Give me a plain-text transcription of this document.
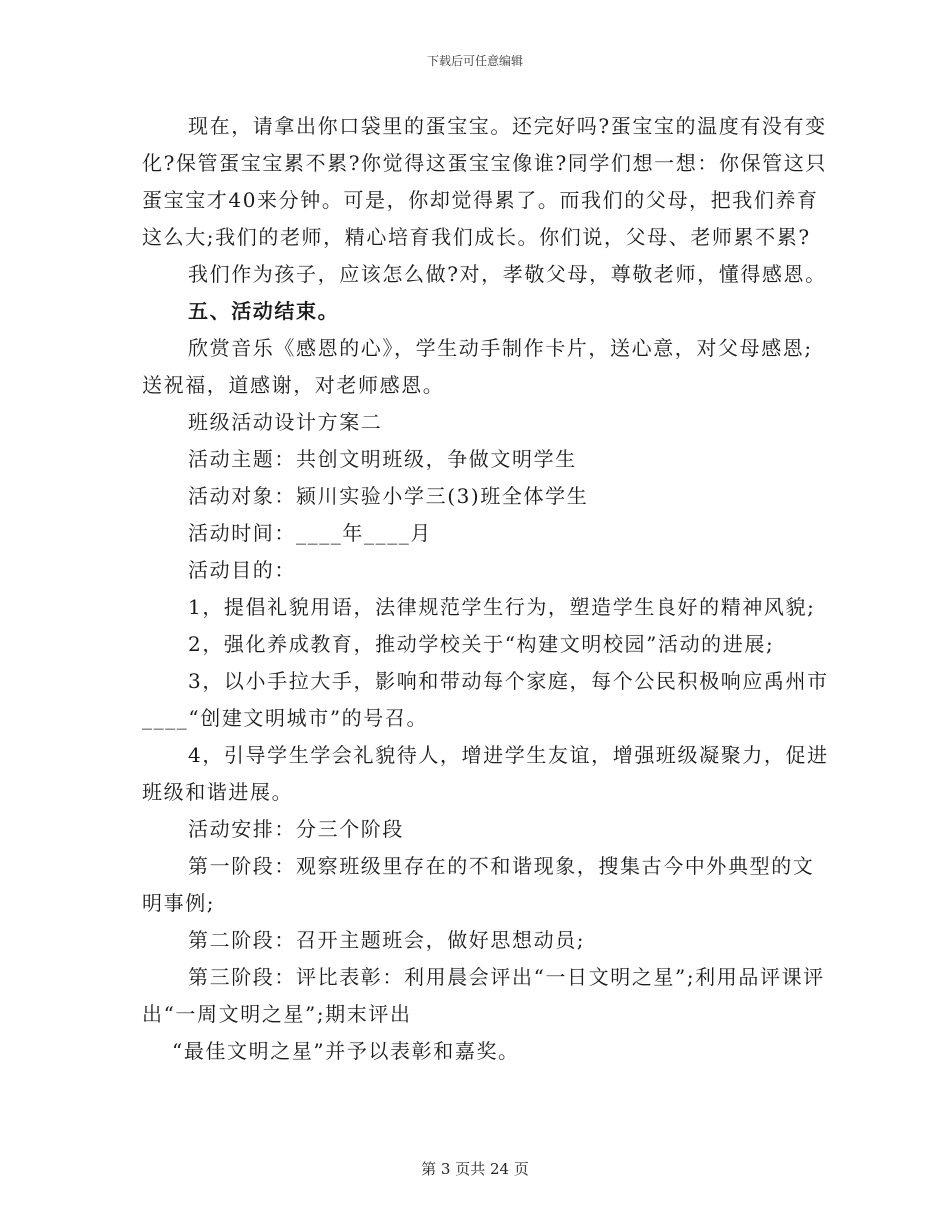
下载后可任意编辑

现在，请拿出你口袋里的蛋宝宝。还完好吗?蛋宝宝的温度有没有变化?保管蛋宝宝累不累?你觉得这蛋宝宝像谁?同学们想一想：你保管这只蛋宝宝才40来分钟。可是，你却觉得累了。而我们的父母，把我们养育这么大;我们的老师，精心培育我们成长。你们说，父母、老师累不累?

我们作为孩子，应该怎么做?对，孝敬父母，尊敬老师，懂得感恩。

五、活动结束。

欣赏音乐《感恩的心》，学生动手制作卡片，送心意，对父母感恩;送祝福，道感谢，对老师感恩。

班级活动设计方案二

活动主题：共创文明班级，争做文明学生

活动对象：颍川实验小学三(3)班全体学生

活动时间：____年____月

活动目的：

1，提倡礼貌用语，法律规范学生行为，塑造学生良好的精神风貌;

2，强化养成教育，推动学校关于“构建文明校园”活动的进展;

3，以小手拉大手，影响和带动每个家庭，每个公民积极响应禹州市____“创建文明城市”的号召。

4，引导学生学会礼貌待人，增进学生友谊，增强班级凝聚力，促进班级和谐进展。

活动安排：分三个阶段

第一阶段：观察班级里存在的不和谐现象，搜集古今中外典型的文明事例;

第二阶段：召开主题班会，做好思想动员;

第三阶段：评比表彰：利用晨会评出“一日文明之星”;利用品评课评出“一周文明之星”;期末评出

“最佳文明之星”并予以表彰和嘉奖。

第 3 页共 24 页
